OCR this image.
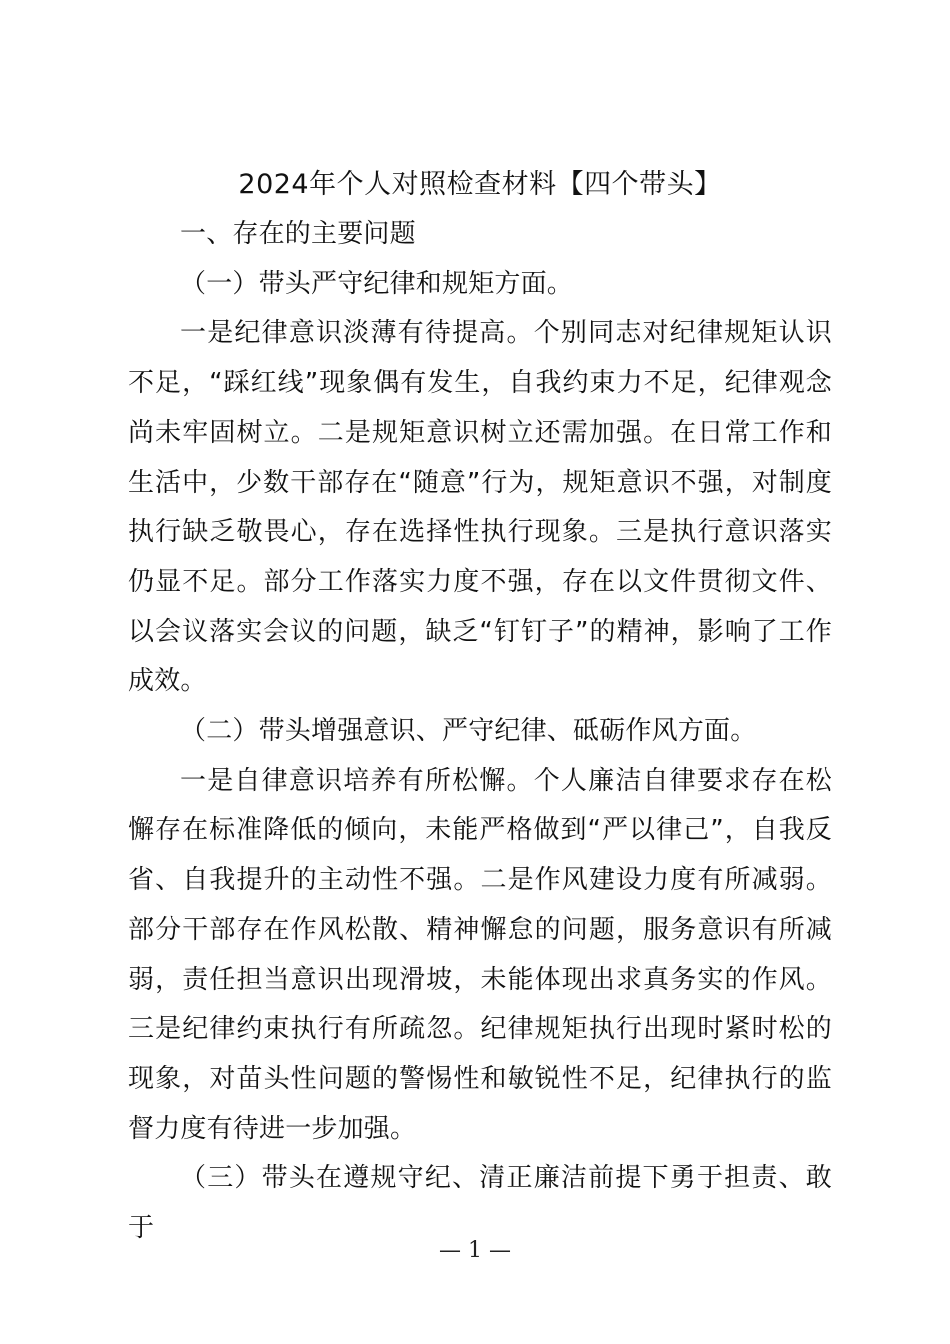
2024年个人对照检查材料【四个带头】

一、存在的主要问题

（一）带头严守纪律和规矩方面。

一是纪律意识淡薄有待提高。个别同志对纪律规矩认识不足，“踩红线”现象偶有发生，自我约束力不足，纪律观念尚未牢固树立。二是规矩意识树立还需加强。在日常工作和生活中，少数干部存在“随意”行为，规矩意识不强，对制度执行缺乏敬畏心，存在选择性执行现象。三是执行意识落实仍显不足。部分工作落实力度不强，存在以文件贯彻文件、以会议落实会议的问题，缺乏“钉钉子”的精神，影响了工作成效。

（二）带头增强意识、严守纪律、砥砺作风方面。

一是自律意识培养有所松懈。个人廉洁自律要求存在松懈存在标准降低的倾向，未能严格做到“严以律己”，自我反省、自我提升的主动性不强。二是作风建设力度有所减弱。部分干部存在作风松散、精神懈怠的问题，服务意识有所减弱，责任担当意识出现滑坡，未能体现出求真务实的作风。三是纪律约束执行有所疏忽。纪律规矩执行出现时紧时松的现象，对苗头性问题的警惕性和敏锐性不足，纪律执行的监督力度有待进一步加强。

（三）带头在遵规守纪、清正廉洁前提下勇于担责、敢于

— 1 —
